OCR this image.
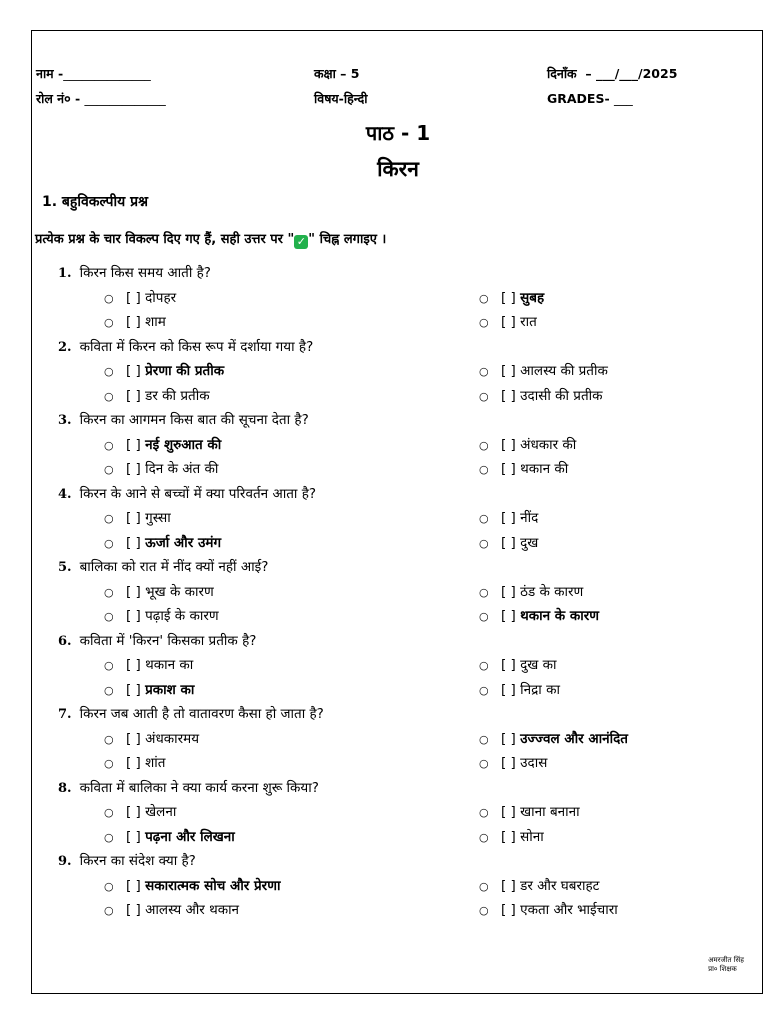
नाम -______________	कक्षा – 5	दिनाँक – ___/___/2025
रोल नं० - _____________	विषय-हिन्दी	GRADES- ___
पाठ - 1
किरन
1. बहुविकल्पीय प्रश्न
प्रत्येक प्रश्न के चार विकल्प दिए गए हैं, सही उत्तर पर " ✓ " चिह्न लगाइए ।
1. किरन किस समय आती है?
○ [ ] दोपहर	○ [ ] सुबह
○ [ ] शाम	○ [ ] रात
2. कविता में किरन को किस रूप में दर्शाया गया है?
○ [ ] प्रेरणा की प्रतीक	○ [ ] आलस्य की प्रतीक
○ [ ] डर की प्रतीक	○ [ ] उदासी की प्रतीक
3. किरन का आगमन किस बात की सूचना देता है?
○ [ ] नई शुरुआत की	○ [ ] अंधकार की
○ [ ] दिन के अंत की	○ [ ] थकान की
4. किरन के आने से बच्चों में क्या परिवर्तन आता है?
○ [ ] गुस्सा	○ [ ] नींद
○ [ ] ऊर्जा और उमंग	○ [ ] दुख
5. बालिका को रात में नींद क्यों नहीं आई?
○ [ ] भूख के कारण	○ [ ] ठंड के कारण
○ [ ] पढ़ाई के कारण	○ [ ] थकान के कारण
6. कविता में 'किरन' किसका प्रतीक है?
○ [ ] थकान का	○ [ ] दुख का
○ [ ] प्रकाश का	○ [ ] निद्रा का
7. किरन जब आती है तो वातावरण कैसा हो जाता है?
○ [ ] अंधकारमय	○ [ ] उज्ज्वल और आनंदित
○ [ ] शांत	○ [ ] उदास
8. कविता में बालिका ने क्या कार्य करना शुरू किया?
○ [ ] खेलना	○ [ ] खाना बनाना
○ [ ] पढ़ना और लिखना	○ [ ] सोना
9. किरन का संदेश क्या है?
○ [ ] सकारात्मक सोच और प्रेरणा	○ [ ] डर और घबराहट
○ [ ] आलस्य और थकान	○ [ ] एकता और भाईचारा
अमरजीत सिंह
प्रा० शिक्षक
